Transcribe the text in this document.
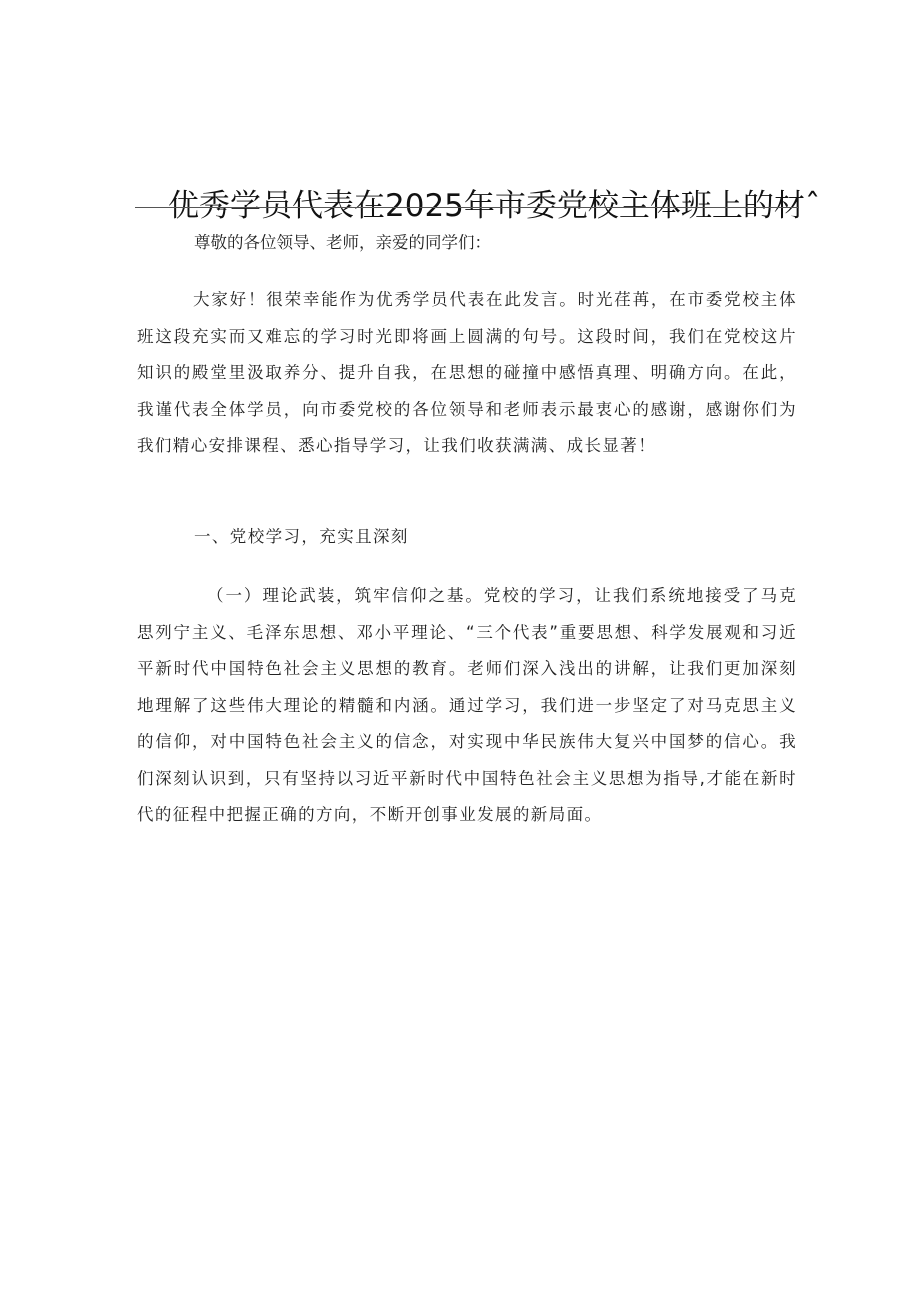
优秀学员代表在2025年市委党校主体班上的材ˆ

尊敬的各位领导、老师，亲爱的同学们：

大家好！很荣幸能作为优秀学员代表在此发言。时光荏苒，在市委党校主体班这段充实而又难忘的学习时光即将画上圆满的句号。这段时间，我们在党校这片知识的殿堂里汲取养分、提升自我，在思想的碰撞中感悟真理、明确方向。在此，我谨代表全体学员，向市委党校的各位领导和老师表示最衷心的感谢，感谢你们为我们精心安排课程、悉心指导学习，让我们收获满满、成长显著！

一、党校学习，充实且深刻

（一）理论武装，筑牢信仰之基。党校的学习，让我们系统地接受了马克思列宁主义、毛泽东思想、邓小平理论、“三个代表”重要思想、科学发展观和习近平新时代中国特色社会主义思想的教育。老师们深入浅出的讲解，让我们更加深刻地理解了这些伟大理论的精髓和内涵。通过学习，我们进一步坚定了对马克思主义的信仰，对中国特色社会主义的信念，对实现中华民族伟大复兴中国梦的信心。我们深刻认识到，只有坚持以习近平新时代中国特色社会主义思想为指导,才能在新时代的征程中把握正确的方向，不断开创事业发展的新局面。
